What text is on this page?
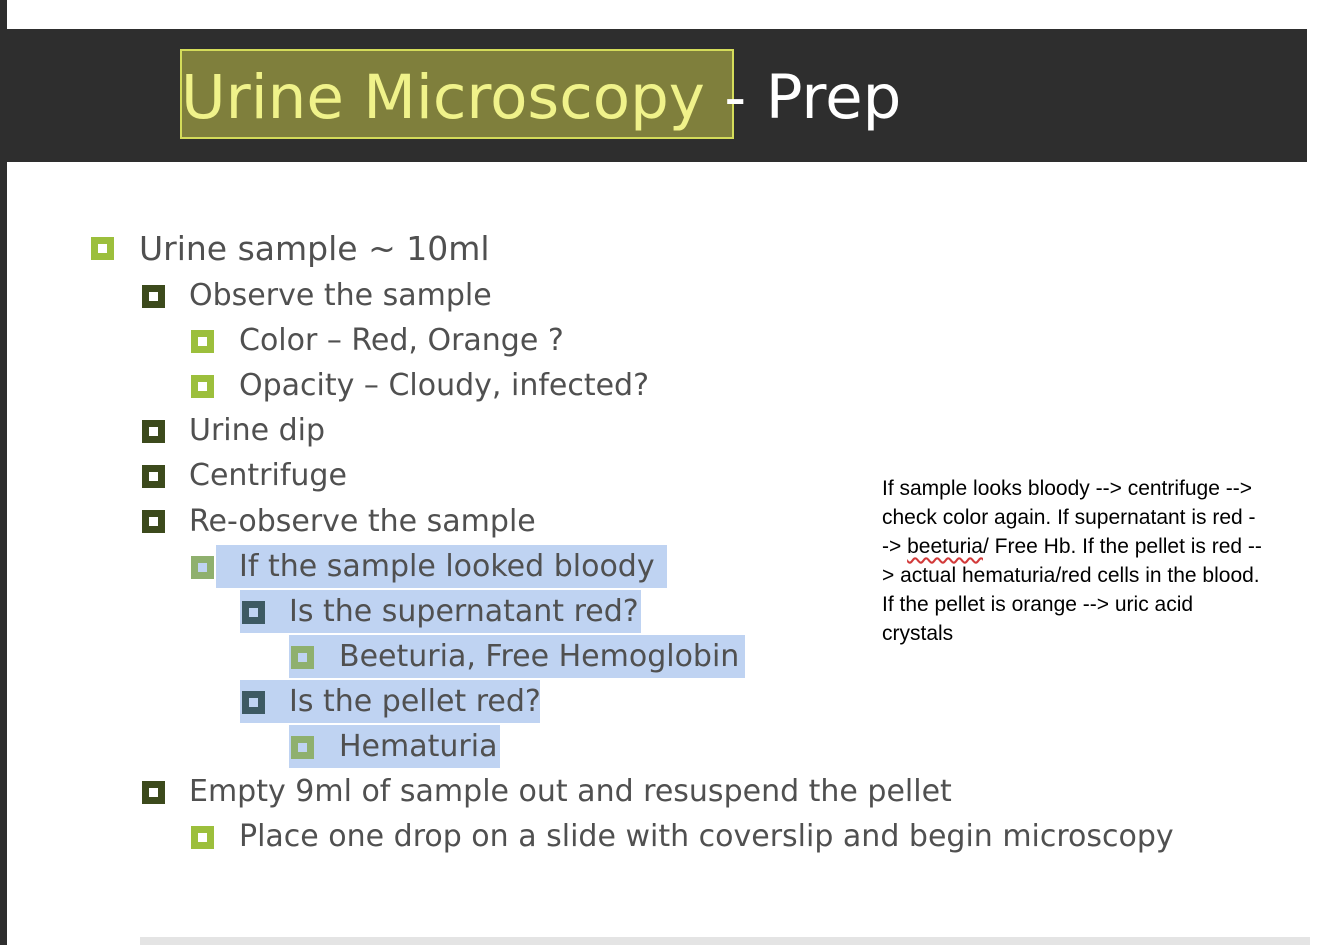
Urine Microscopy - Prep
Urine sample ~ 10ml
Observe the sample
Color – Red, Orange ?
Opacity – Cloudy, infected?
Urine dip
Centrifuge
Re-observe the sample
If the sample looked bloody
Is the supernatant red?
Beeturia, Free Hemoglobin
Is the pellet red?
Hematuria
Empty 9ml of sample out and resuspend the pellet
Place one drop on a slide with coverslip and begin microscopy
If sample looks bloody --> centrifuge --> check color again. If supernatant is red --> beeturia/ Free Hb. If the pellet is red --> actual hematuria/red cells in the blood. If the pellet is orange --> uric acid crystals
